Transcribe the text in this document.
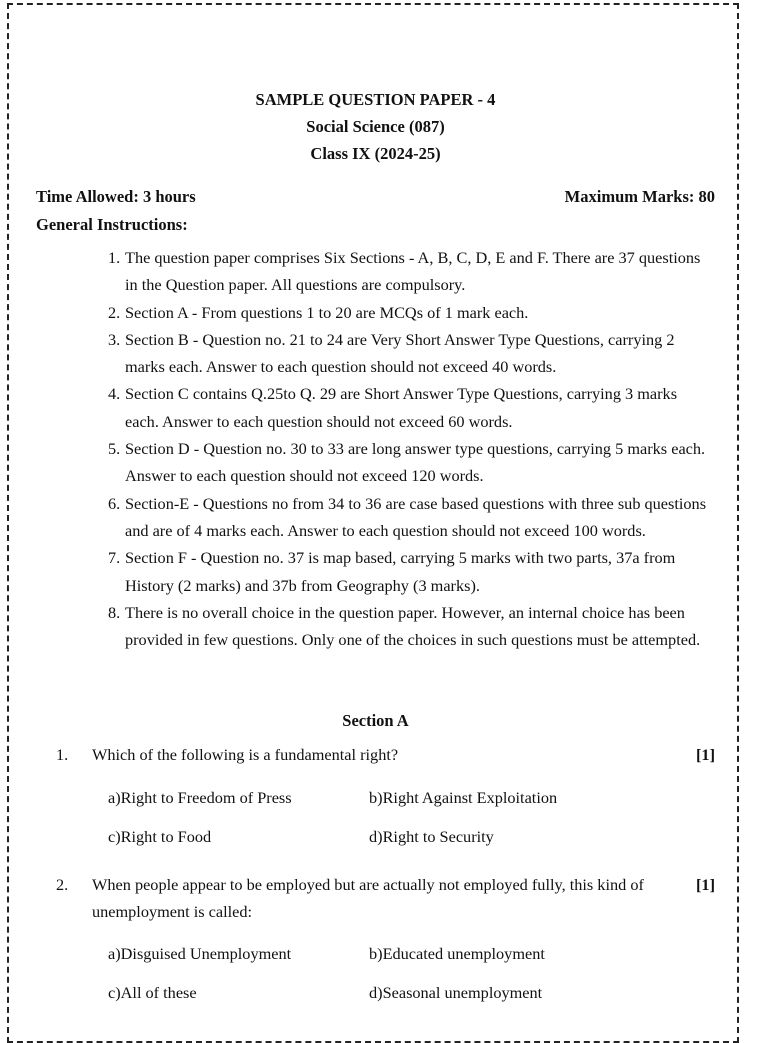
SAMPLE QUESTION PAPER - 4
Social Science (087)
Class IX (2024-25)
Time Allowed: 3 hours	Maximum Marks: 80
General Instructions:
1. The question paper comprises Six Sections - A, B, C, D, E and F. There are 37 questions in the Question paper. All questions are compulsory.
2. Section A - From questions 1 to 20 are MCQs of 1 mark each.
3. Section B - Question no. 21 to 24 are Very Short Answer Type Questions, carrying 2 marks each. Answer to each question should not exceed 40 words.
4. Section C contains Q.25to Q. 29 are Short Answer Type Questions, carrying 3 marks each. Answer to each question should not exceed 60 words.
5. Section D - Question no. 30 to 33 are long answer type questions, carrying 5 marks each. Answer to each question should not exceed 120 words.
6. Section-E - Questions no from 34 to 36 are case based questions with three sub questions and are of 4 marks each. Answer to each question should not exceed 100 words.
7. Section F - Question no. 37 is map based, carrying 5 marks with two parts, 37a from History (2 marks) and 37b from Geography (3 marks).
8. There is no overall choice in the question paper. However, an internal choice has been provided in few questions. Only one of the choices in such questions must be attempted.
Section A
1. Which of the following is a fundamental right?	[1]
a)Right to Freedom of Press	b)Right Against Exploitation
c)Right to Food	d)Right to Security
2. When people appear to be employed but are actually not employed fully, this kind of unemployment is called:
[1]
a)Disguised Unemployment	b)Educated unemployment
c)All of these	d)Seasonal unemployment
